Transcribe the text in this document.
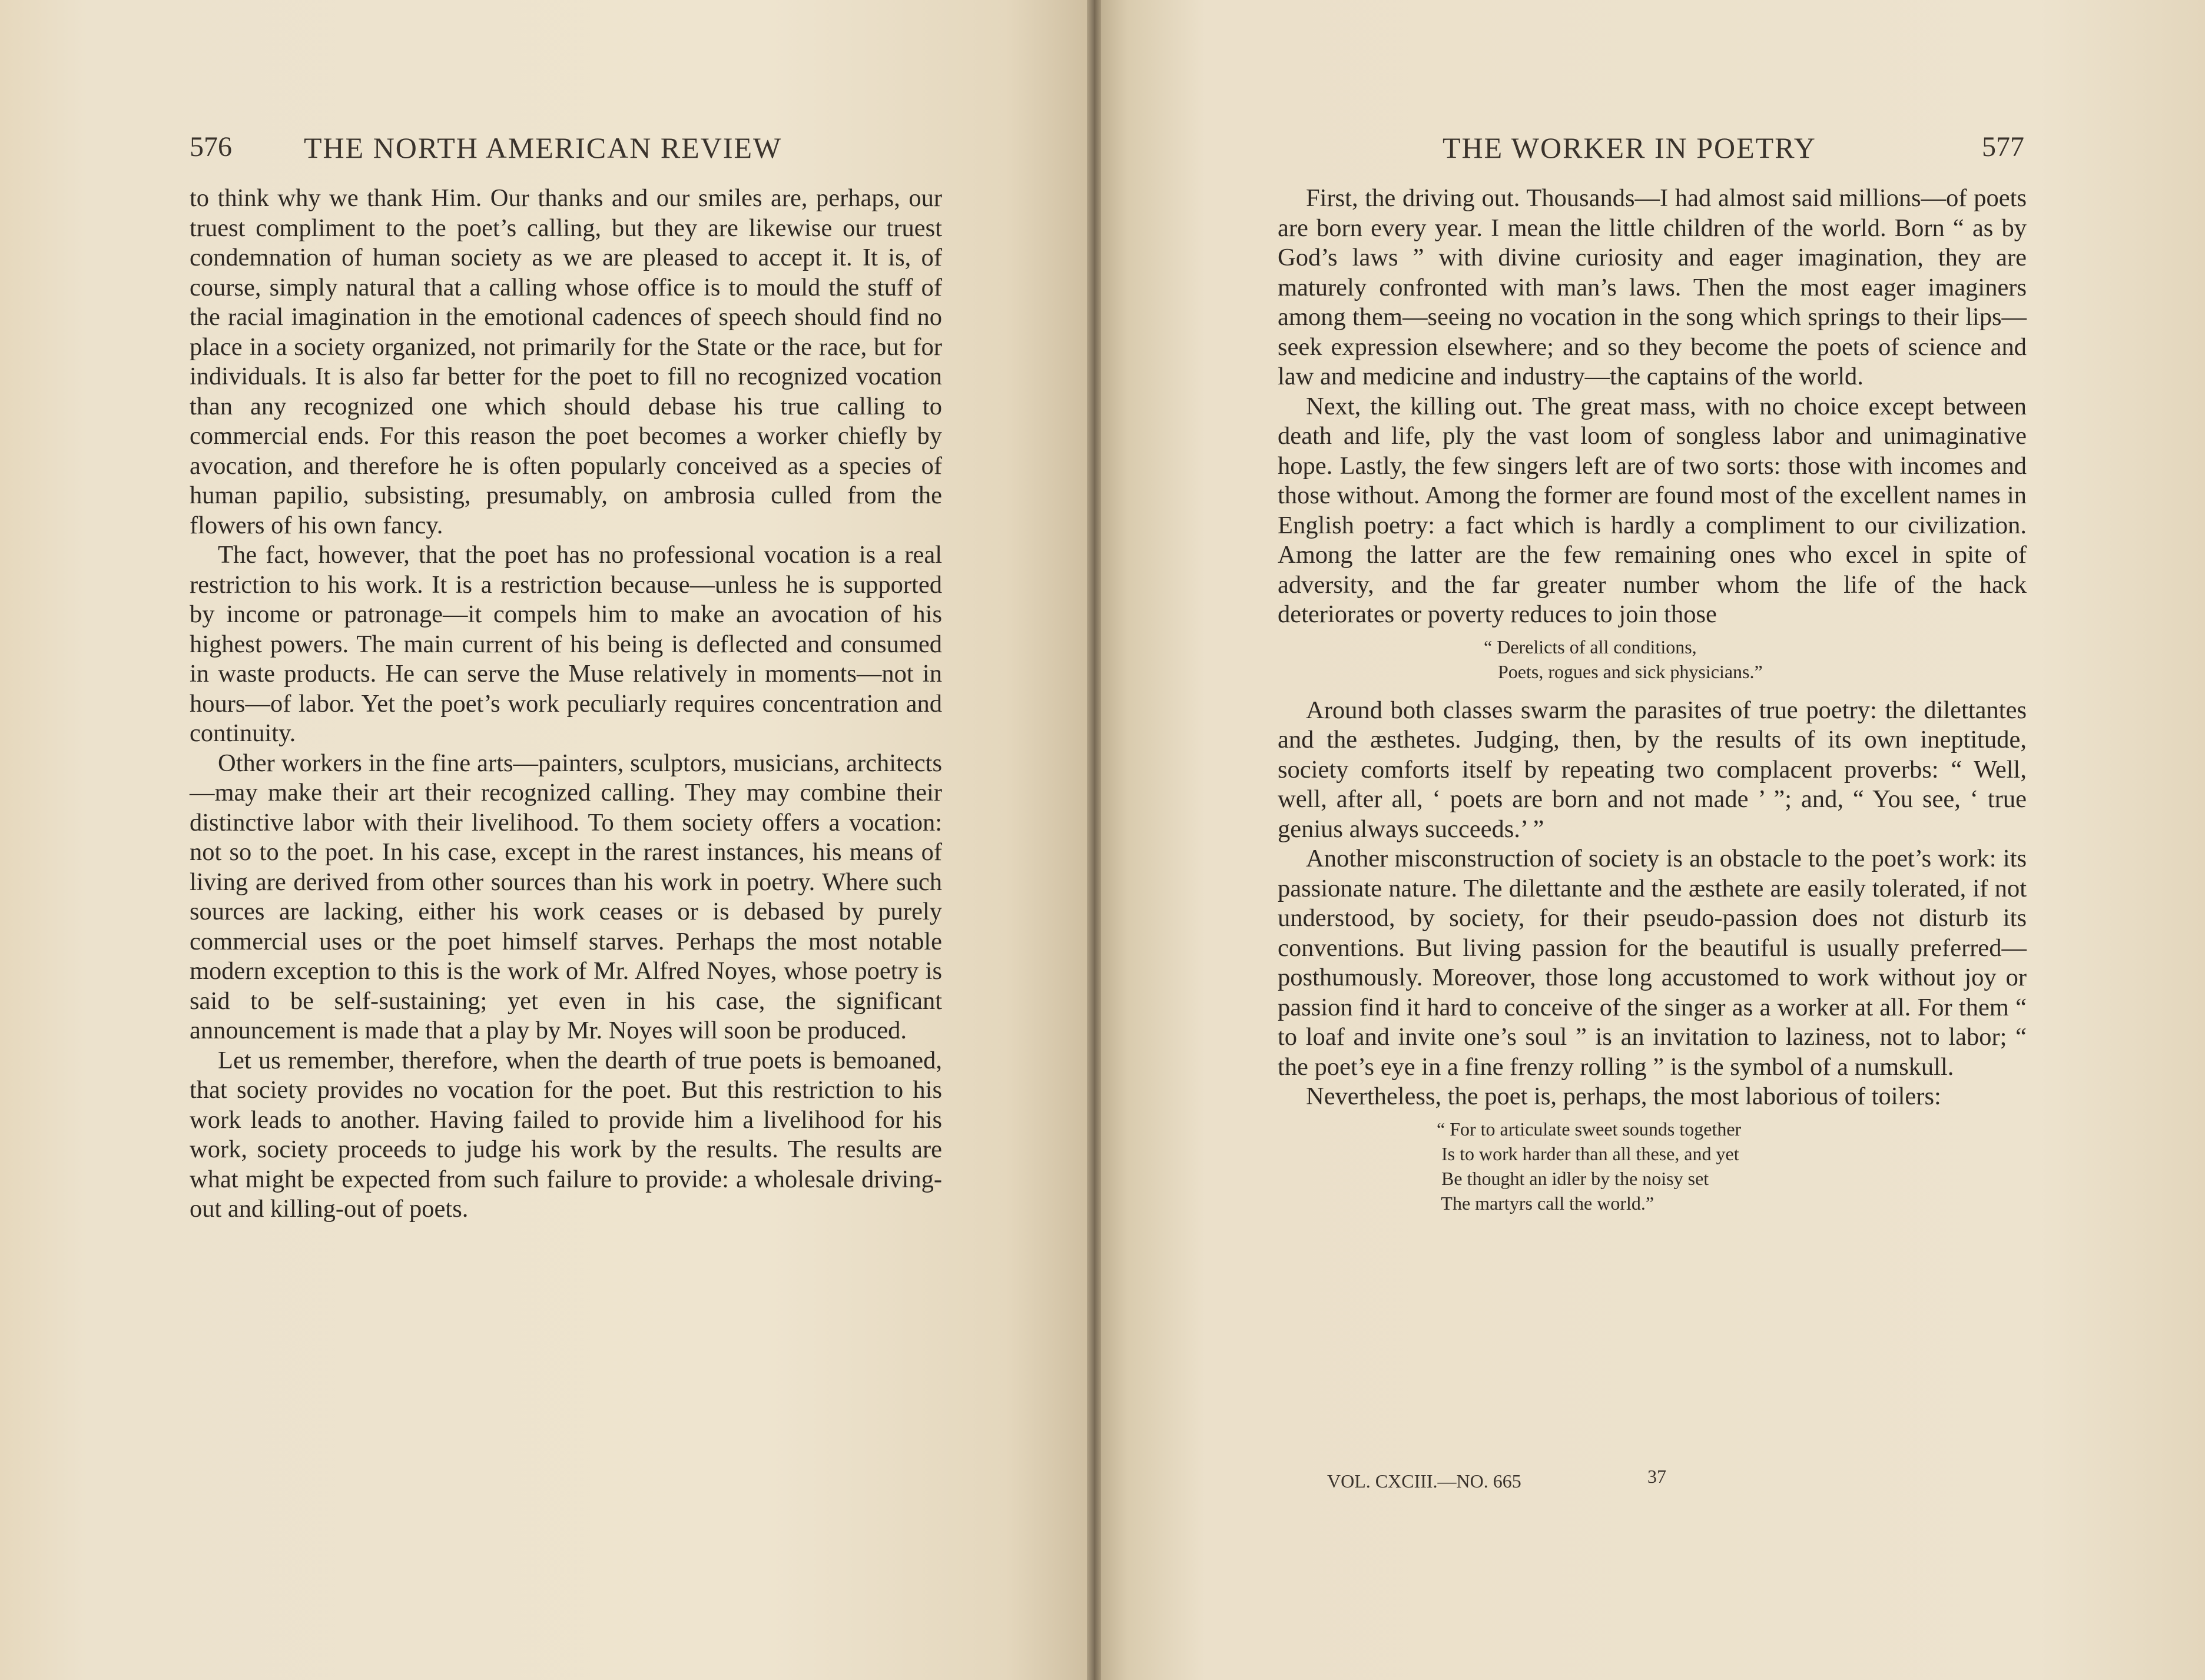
576 THE NORTH AMERICAN REVIEW

to think why we thank Him. Our thanks and our smiles are, perhaps, our truest compliment to the poet’s calling, but they are likewise our truest condemnation of human society as we are pleased to accept it. It is, of course, simply natural that a calling whose office is to mould the stuff of the racial imagination in the emotional cadences of speech should find no place in a society organized, not primarily for the State or the race, but for individuals. It is also far better for the poet to fill no recognized vocation than any recognized one which should debase his true calling to commercial ends. For this reason the poet becomes a worker chiefly by avocation, and therefore he is often popularly conceived as a species of human papilio, subsisting, presumably, on ambrosia culled from the flowers of his own fancy.

The fact, however, that the poet has no professional vocation is a real restriction to his work. It is a restriction because—unless he is supported by income or patronage—it compels him to make an avocation of his highest powers. The main current of his being is deflected and consumed in waste products. He can serve the Muse relatively in moments—not in hours—of labor. Yet the poet’s work peculiarly requires concentration and continuity.

Other workers in the fine arts—painters, sculptors, musicians, architects—may make their art their recognized calling. They may combine their distinctive labor with their livelihood. To them society offers a vocation: not so to the poet. In his case, except in the rarest instances, his means of living are derived from other sources than his work in poetry. Where such sources are lacking, either his work ceases or is debased by purely commercial uses or the poet himself starves. Perhaps the most notable modern exception to this is the work of Mr. Alfred Noyes, whose poetry is said to be self-sustaining; yet even in his case, the significant announcement is made that a play by Mr. Noyes will soon be produced.

Let us remember, therefore, when the dearth of true poets is bemoaned, that society provides no vocation for the poet. But this restriction to his work leads to another. Having failed to provide him a livelihood for his work, society proceeds to judge his work by the results. The results are what might be expected from such failure to provide: a wholesale driving-out and killing-out of poets.

THE WORKER IN POETRY	577

First, the driving out. Thousands—I had almost said millions—of poets are born every year. I mean the little children of the world. Born “ as by God’s laws ” with divine curiosity and eager imagination, they are maturely confronted with man’s laws. Then the most eager imaginers among them—seeing no vocation in the song which springs to their lips—seek expression elsewhere; and so they become the poets of science and law and medicine and industry—the captains of the world.

Next, the killing out. The great mass, with no choice except between death and life, ply the vast loom of songless labor and unimaginative hope. Lastly, the few singers left are of two sorts: those with incomes and those without. Among the former are found most of the excellent names in English poetry: a fact which is hardly a compliment to our civilization. Among the latter are the few remaining ones who excel in spite of adversity, and the far greater number whom the life of the hack deteriorates or poverty reduces to join those

“ Derelicts of all conditions,
Poets, rogues and sick physicians.”

Around both classes swarm the parasites of true poetry: the dilettantes and the æsthetes. Judging, then, by the results of its own ineptitude, society comforts itself by repeating two complacent proverbs: “ Well, well, after all, ‘ poets are born and not made ’ ”; and, “ You see, ‘ true genius always succeeds.’ ”

Another misconstruction of society is an obstacle to the poet’s work: its passionate nature. The dilettante and the æsthete are easily tolerated, if not understood, by society, for their pseudo-passion does not disturb its conventions. But living passion for the beautiful is usually preferred—posthumously. Moreover, those long accustomed to work without joy or passion find it hard to conceive of the singer as a worker at all. For them “ to loaf and invite one’s soul ” is an invitation to laziness, not to labor; “ the poet’s eye in a fine frenzy rolling ” is the symbol of a numskull.

Nevertheless, the poet is, perhaps, the most laborious of toilers:

“ For to articulate sweet sounds together
Is to work harder than all these, and yet
Be thought an idler by the noisy set
The martyrs call the world.”
VOL. CXCIII.—NO. 665	37
